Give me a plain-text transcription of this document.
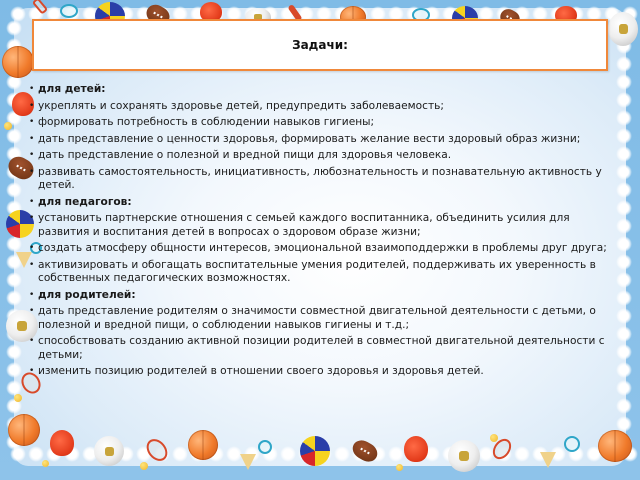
Задачи:
• для детей:
• укреплять и сохранять здоровье детей, предупредить заболеваемость;
• формировать потребность в соблюдении навыков гигиены;
• дать представление о ценности здоровья, формировать желание вести здоровый образ жизни;
• дать представление о полезной и вредной пищи для здоровья человека.
• развивать самостоятельность, инициативность, любознательность и познавательную активность у детей.
• для педагогов:
• установить партнерские отношения с семьей каждого воспитанника, объединить усилия для развития и воспитания детей в вопросах о здоровом образе жизни;
• создать атмосферу общности интересов, эмоциональной взаимоподдержки в проблемы друг друга;
• активизировать и обогащать воспитательные умения родителей, поддерживать их уверенность в собственных педагогических возможностях.
• для родителей:
• дать представление родителям о значимости совместной двигательной деятельности с детьми, о полезной и вредной пищи, о соблюдении навыков гигиены и т.д.;
• способствовать созданию активной позиции родителей в совместной двигательной деятельности с детьми;
• изменить позицию родителей в отношении своего здоровья и здоровья детей.
